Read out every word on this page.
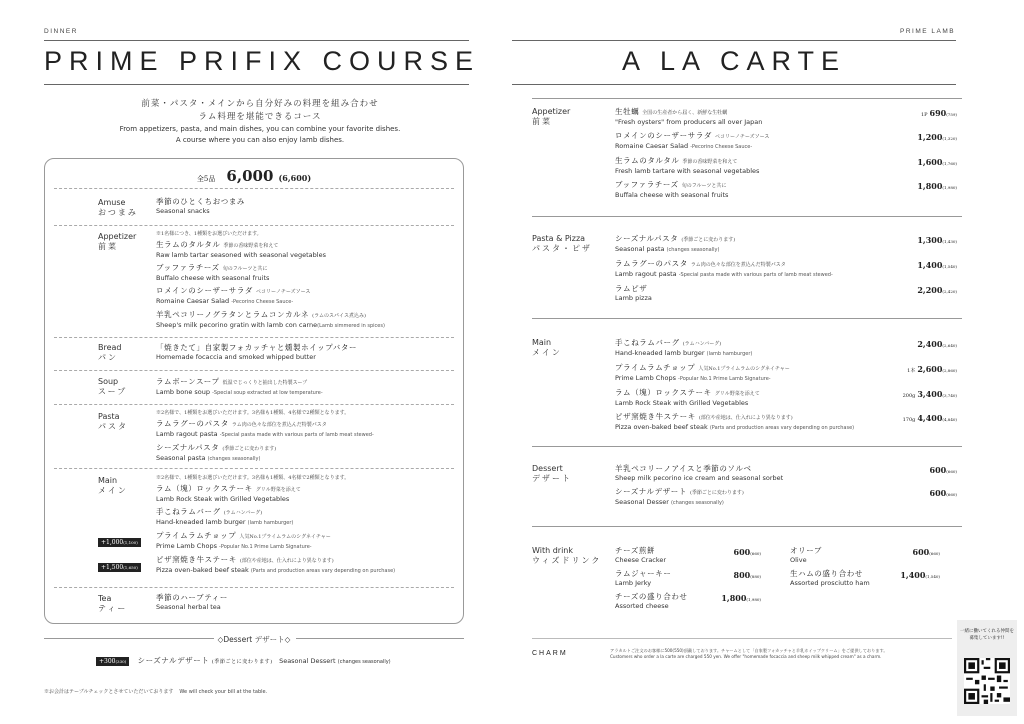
DINNER
PRIME PRIFIX COURSE
前菜・パスタ・メインから自分好みの料理を組み合わせ
ラム料理を堪能できるコース
From appetizers, pasta, and main dishes, you can combine your favorite dishes.
A course where you can also enjoy lamb dishes.
全5品 6,000 (6,600)
Amuse
おつまみ
季節のひとくちおつまみ
Seasonal snacks
Appetizer
前菜
※1名様につき、1種類をお選びいただけます。
生ラムのタルタル 季節の香味野菜を和えて
Raw lamb tartar seasoned with seasonal vegetables
ブッファラチーズ 旬のフルーツと共に
Buffalo cheese with seasonal fruits
ロメインのシーザーサラダ ペコリーノチーズソース
Romaine Caesar Salad -Pecorino Cheese Sauce-
羊乳ペコリーノグラタンとラムコンカルネ (ラムのスパイス煮込み)
Sheep's milk pecorino gratin with lamb con carne(Lamb simmered in spices)
Bread
パン
「焼きたて」自家製フォカッチャと燻製ホイップバター
Homemade focaccia and smoked whipped butter
Soup
スープ
ラムボーンスープ 低温でじっくりと抽出した特製スープ
Lamb bone soup -Special soup extracted at low temperature-
Pasta
パスタ
※2名様で、1種類をお選びいただけます。3名様も1種類、4名様で2種類となります。
ラムラグーのパスタ ラム肉の色々な部位を煮込んだ特製パスタ
Lamb ragout pasta -Special pasta made with various parts of lamb meat stewed-
シーズナルパスタ (季節ごとに変わります)
Seasonal pasta (changes seasonally)
Main
メイン
※2名様で、1種類をお選びいただけます。3名様も1種類、4名様で2種類となります。
ラム（塊）ロックステーキ グリル野菜を添えて
Lamb Rock Steak with Grilled Vegetables
手こねラムバーグ (ラムハンバーグ)
Hand-kneaded lamb burger (lamb hamburger)
プライムラムチョップ 人気No.1プライムラムのシグネイチャー
Prime Lamb Chops -Popular No.1 Prime Lamb Signature-
ピザ窯焼き牛ステーキ (部位や産地は、仕入れにより異なります)
Pizza oven-baked beef steak (Parts and production areas vary depending on purchase)
+1,000(1,100)
+1,500(1,650)
Tea
ティー
季節のハーブティー
Seasonal herbal tea
◇Dessert デザート◇
+300(330) シーズナルデザート (季節ごとに変わります) Seasonal Dessert (changes seasonally)
※お会計はテーブルチェックとさせていただいております We will check your bill at the table.
PRIME LAMB
A LA CARTE
Appetizer
前菜
生牡蠣 全国の生産者から届く、新鮮な生牡蠣
"Fresh oysters" from producers all over Japan
1P 690(759)
ロメインのシーザーサラダ ペコリーノチーズソース
Romaine Caesar Salad -Pecorino Cheese Sauce-
1,200(1,320)
生ラムのタルタル 季節の香味野菜を和えて
Fresh lamb tartare with seasonal vegetables
1,600(1,760)
ブッファラチーズ 旬のフルーツと共に
Buffala cheese with seasonal fruits
1,800(1,980)
Pasta & Pizza
パスタ・ピザ
シーズナルパスタ (季節ごとに変わります)
Seasonal pasta (changes seasonally)
1,300(1,430)
ラムラグーのパスタ ラム肉の色々な部位を煮込んだ特製パスタ
Lamb ragout pasta -Special pasta made with various parts of lamb meat stewed-
1,400(1,540)
ラムピザ
Lamb pizza
2,200(2,420)
Main
メイン
手こねラムバーグ (ラムハンバーグ)
Hand-kneaded lamb burger (lamb hamburger)
2,400(2,640)
プライムラムチョップ 人気No.1プライムラムのシグネイチャー
Prime Lamb Chops -Popular No.1 Prime Lamb Signature-
1本 2,600(2,860)
ラム（塊）ロックステーキ グリル野菜を添えて
Lamb Rock Steak with Grilled Vegetables
200g 3,400(3,740)
ピザ窯焼き牛ステーキ (部位や産地は、仕入れにより異なります)
Pizza oven-baked beef steak (Parts and production areas vary depending on purchase)
170g 4,400(4,840)
Dessert
デザート
羊乳ペコリーノアイスと季節のソルベ
Sheep milk pecorino ice cream and seasonal sorbet
600(660)
シーズナルデザート (季節ごとに変わります)
Seasonal Desser (changes seasonally)
600(660)
With drink
ウィズドリンク
チーズ煎餅
Cheese Cracker
600(660)
ラムジャーキー
Lamb Jerky
800(880)
チーズの盛り合わせ
Assorted cheese
1,800(1,980)
オリーブ
Olive
600(660)
生ハムの盛り合わせ
Assorted prosciutto ham
1,400(1,540)
CHARM	アラカルトご注文のお客様に500(550)頂戴しております。チャームとして「自家製フォカッチャと羊乳ホイップクリーム」をご提供しております。
Customers who order a la carte are charged 550 yen. We offer "homemade focaccia and sheep milk whipped cream" as a charm.
一緒に働いてくれる仲間を募集しています!!
